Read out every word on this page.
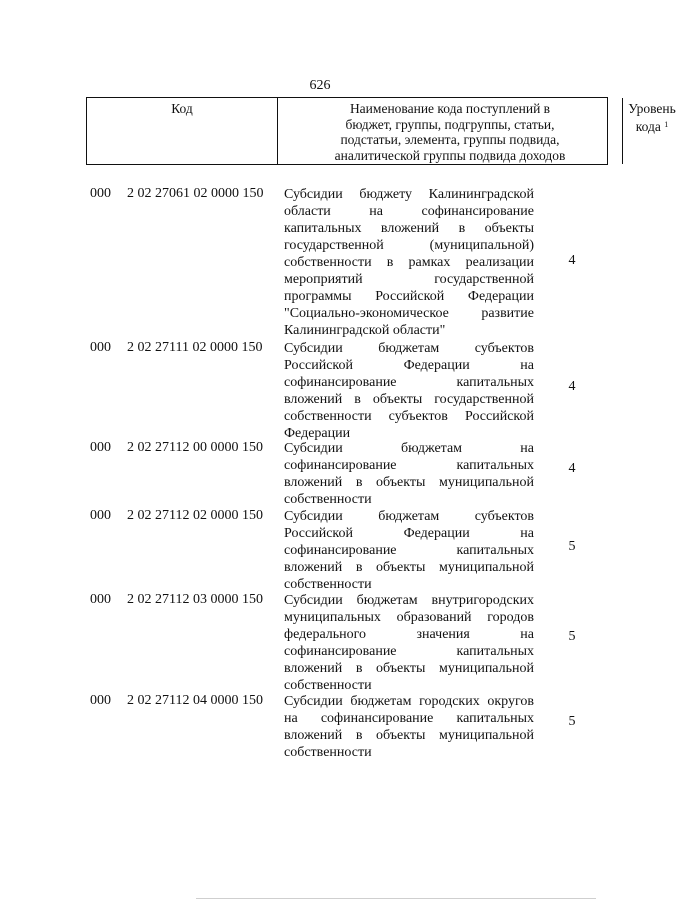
626
Код	Наименование кода поступлений в
бюджет, группы, подгруппы, статьи,
подстатьи, элемента, группы подвида,
аналитической группы подвида доходов
Уровень
кода $^1$
000 2 02 27061 02 0000 150 Субсидии бюджету Калининградской
области на софинансирование
капитальных вложений в объекты
государственной (муниципальной)
собственности в рамках реализации
мероприятий государственной
программы Российской Федерации
"Социально-экономическое развитие
Калининградской области"
4
000 2 02 27111 02 0000 150 Субсидии бюджетам субъектов
Российской Федерации на
софинансирование капитальных
вложений в объекты государственной
собственности субъектов Российской
Федерации
4
000 2 02 27112 00 0000 150 Субсидии бюджетам на
софинансирование капитальных
вложений в объекты муниципальной
собственности
4
000 2 02 27112 02 0000 150 Субсидии бюджетам субъектов
Российской Федерации на
софинансирование капитальных
вложений в объекты муниципальной
собственности
5
000 2 02 27112 03 0000 150 Субсидии бюджетам внутригородских
муниципальных образований городов
федерального значения на
софинансирование капитальных
вложений в объекты муниципальной
собственности
5
000 2 02 27112 04 0000 150 Субсидии бюджетам городских округов
на софинансирование капитальных
вложений в объекты муниципальной
собственности
5
